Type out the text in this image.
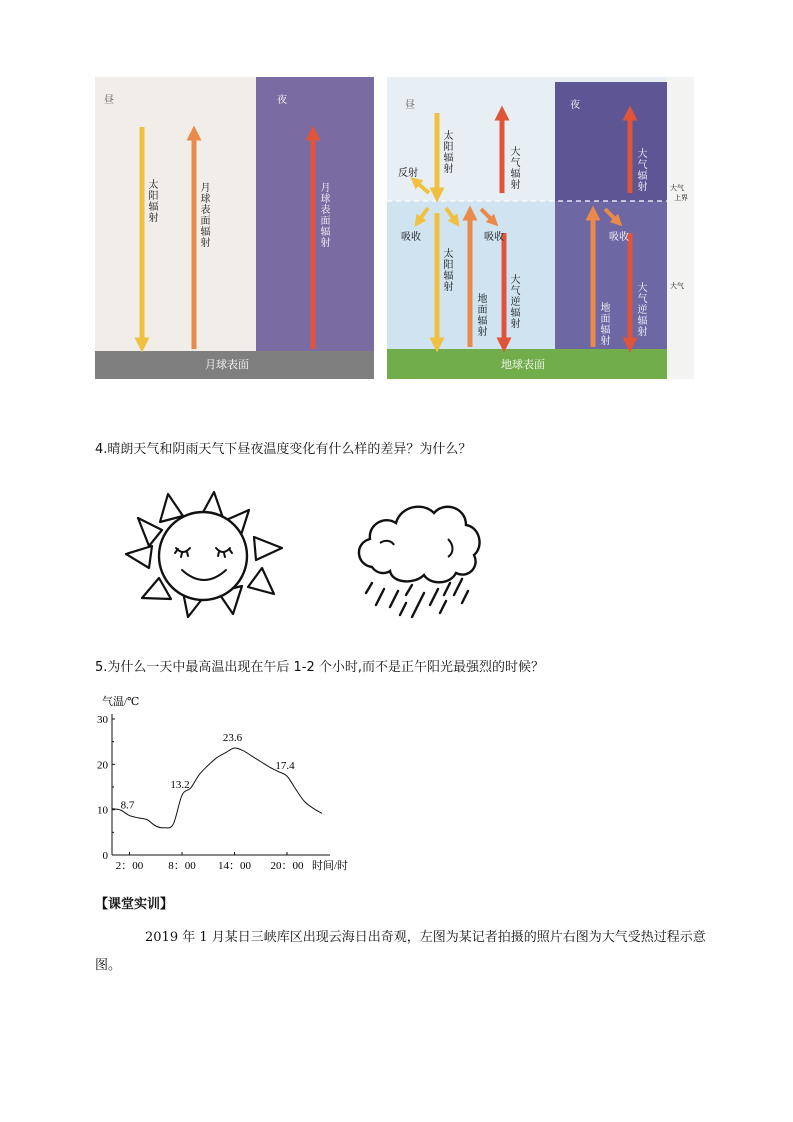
昼	夜
太阳辐射
月球表面辐射
月球表面辐射
月球表面
昼	夜
太阳辐射
反射
吸收
大气辐射
吸收
太阳辐射
地面辐射
大气逆辐射
大气辐射
吸收
地面辐射
大气逆辐射
大气
上界
大气
地球表面
4.晴朗天气和阴雨天气下昼夜温度变化有什么样的差异？为什么？
5.为什么一天中最高温出现在午后 1-2 个小时,而不是正午阳光最强烈的时候？
气温/℃
0
10
20
30
2：00 8：00 14：00 20：00 时间/时
8.7
13.2
23.6
17.4
【课堂实训】
2019 年 1 月某日三峡库区出现云海日出奇观，左图为某记者拍摄的照片右图为大气受热过程示意图。
